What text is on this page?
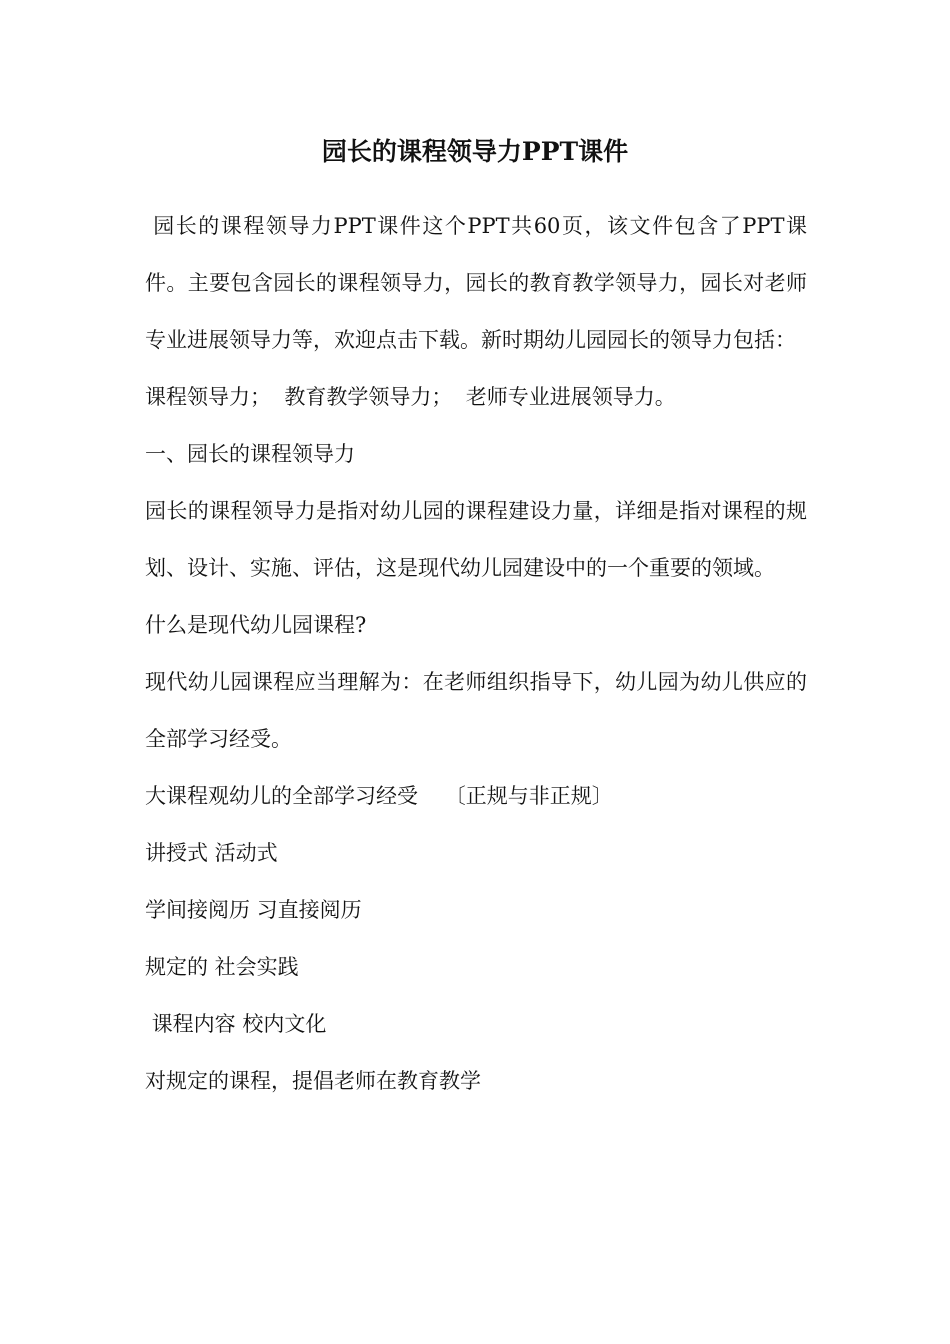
园长的课程领导力PPT课件

园长的课程领导力PPT课件这个PPT共60页，该文件包含了PPT课件。主要包含园长的课程领导力，园长的教育教学领导力，园长对老师专业进展领导力等，欢迎点击下载。新时期幼儿园园长的领导力包括：

课程领导力；  教育教学领导力；  老师专业进展领导力。

一、园长的课程领导力

园长的课程领导力是指对幼儿园的课程建设力量，详细是指对课程的规划、设计、实施、评估，这是现代幼儿园建设中的一个重要的领域。

什么是现代幼儿园课程?

现代幼儿园课程应当理解为：在老师组织指导下，幼儿园为幼儿供应的全部学习经受。

大课程观幼儿的全部学习经受    〔正规与非正规〕

讲授式 活动式

学间接阅历 习直接阅历

规定的 社会实践

课程内容 校内文化

对规定的课程，提倡老师在教育教学
